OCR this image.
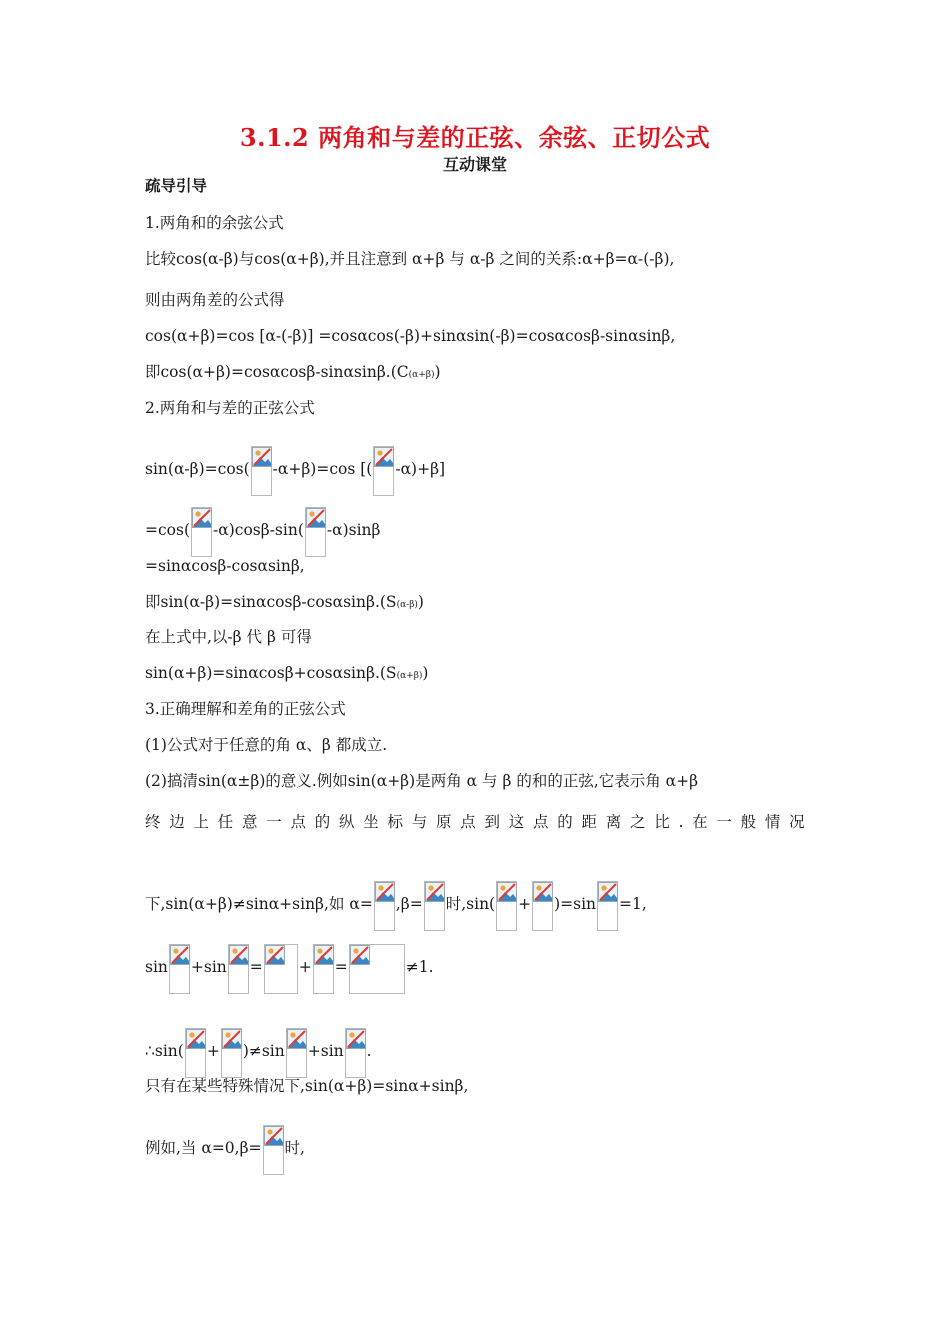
3.1.2 两角和与差的正弦、余弦、正切公式
互动课堂
疏导引导
1.两角和的余弦公式
比较cos(α-β)与cos(α+β),并且注意到 α+β 与 α-β 之间的关系:α+β=α-(-β),
则由两角差的公式得
cos(α+β)=cos [α-(-β)] =cosαcos(-β)+sinαsin(-β)=cosαcosβ-sinαsinβ,
即cos(α+β)=cosαcosβ-sinαsinβ.(C(α+β))
2.两角和与差的正弦公式
sin(α-β)=cos( -α+β)=cos [( -α)+β]
=cos( -α)cosβ-sin( -α)sinβ
=sinαcosβ-cosαsinβ,
即sin(α-β)=sinαcosβ-cosαsinβ.(S(α-β))
在上式中,以-β 代 β 可得
sin(α+β)=sinαcosβ+cosαsinβ.(S(α+β))
3.正确理解和差角的正弦公式
(1)公式对于任意的角 α、β 都成立.
(2)搞清sin(α±β)的意义.例如sin(α+β)是两角 α 与 β 的和的正弦,它表示角 α+β
终 边 上 任 意 一 点 的 纵 坐 标 与 原 点 到 这 点 的 距 离 之 比 . 在 一 般 情 况
下,sin(α+β)≠sinα+sinβ,如 α= ,β= 时,sin( + )=sin =1,
sin +sin = + =	≠1.
∴sin( + )≠sin +sin .
只有在某些特殊情况下,sin(α+β)=sinα+sinβ,
例如,当 α=0,β= 时,
